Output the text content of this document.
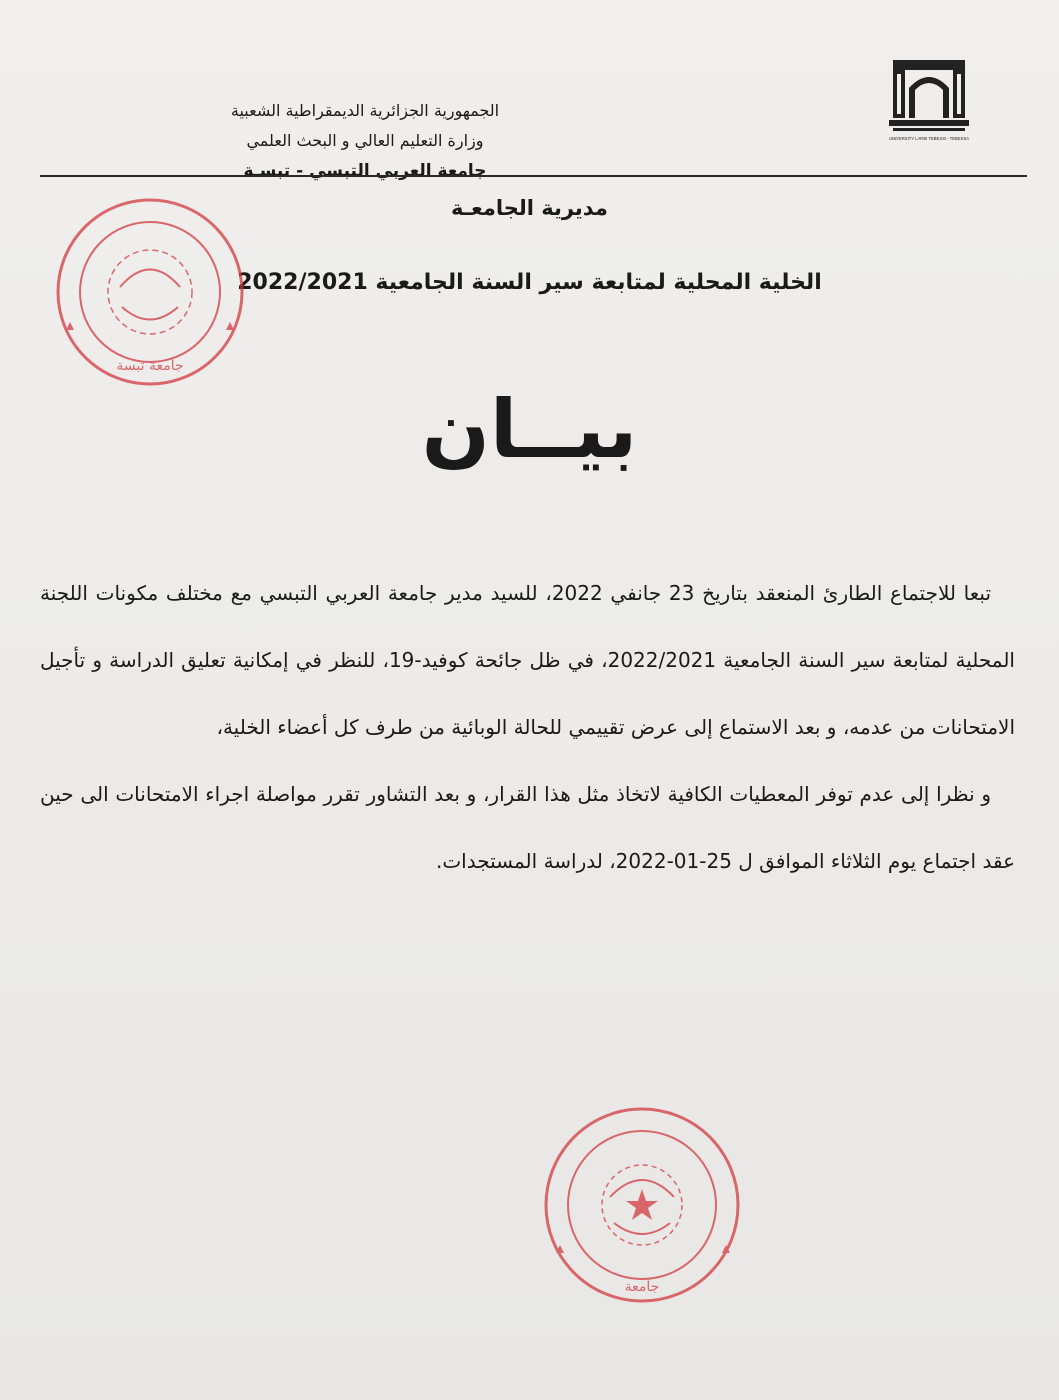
الجمهورية الجزائرية الديمقراطية الشعبية
وزارة التعليم العالي و البحث العلمي
جامعة العربي التبسي - تبسـة
UNIVERSITY LARBI TEBESSI - TEBESSA
مديرية الجامعـة
الخلية المحلية لمتابعة سير السنة الجامعية 2022/2021
بيــان

تبعا للاجتماع الطارئ المنعقد بتاريخ 23 جانفي 2022، للسيد مدير جامعة العربي التبسي مع مختلف مكونات اللجنة المحلية لمتابعة سير السنة الجامعية 2022/2021، في ظل جائحة كوفيد-19، للنظر في إمكانية تعليق الدراسة و تأجيل الامتحانات من عدمه، و بعد الاستماع إلى عرض تقييمي للحالة الوبائية من طرف كل أعضاء الخلية،

و نظرا إلى عدم توفر المعطيات الكافية لاتخاذ مثل هذا القرار، و بعد التشاور تقرر مواصلة اجراء الامتحانات الى حين عقد اجتماع يوم الثلاثاء الموافق ل 25-01-2022، لدراسة المستجدات.

جامعة تبسة
جامعة
